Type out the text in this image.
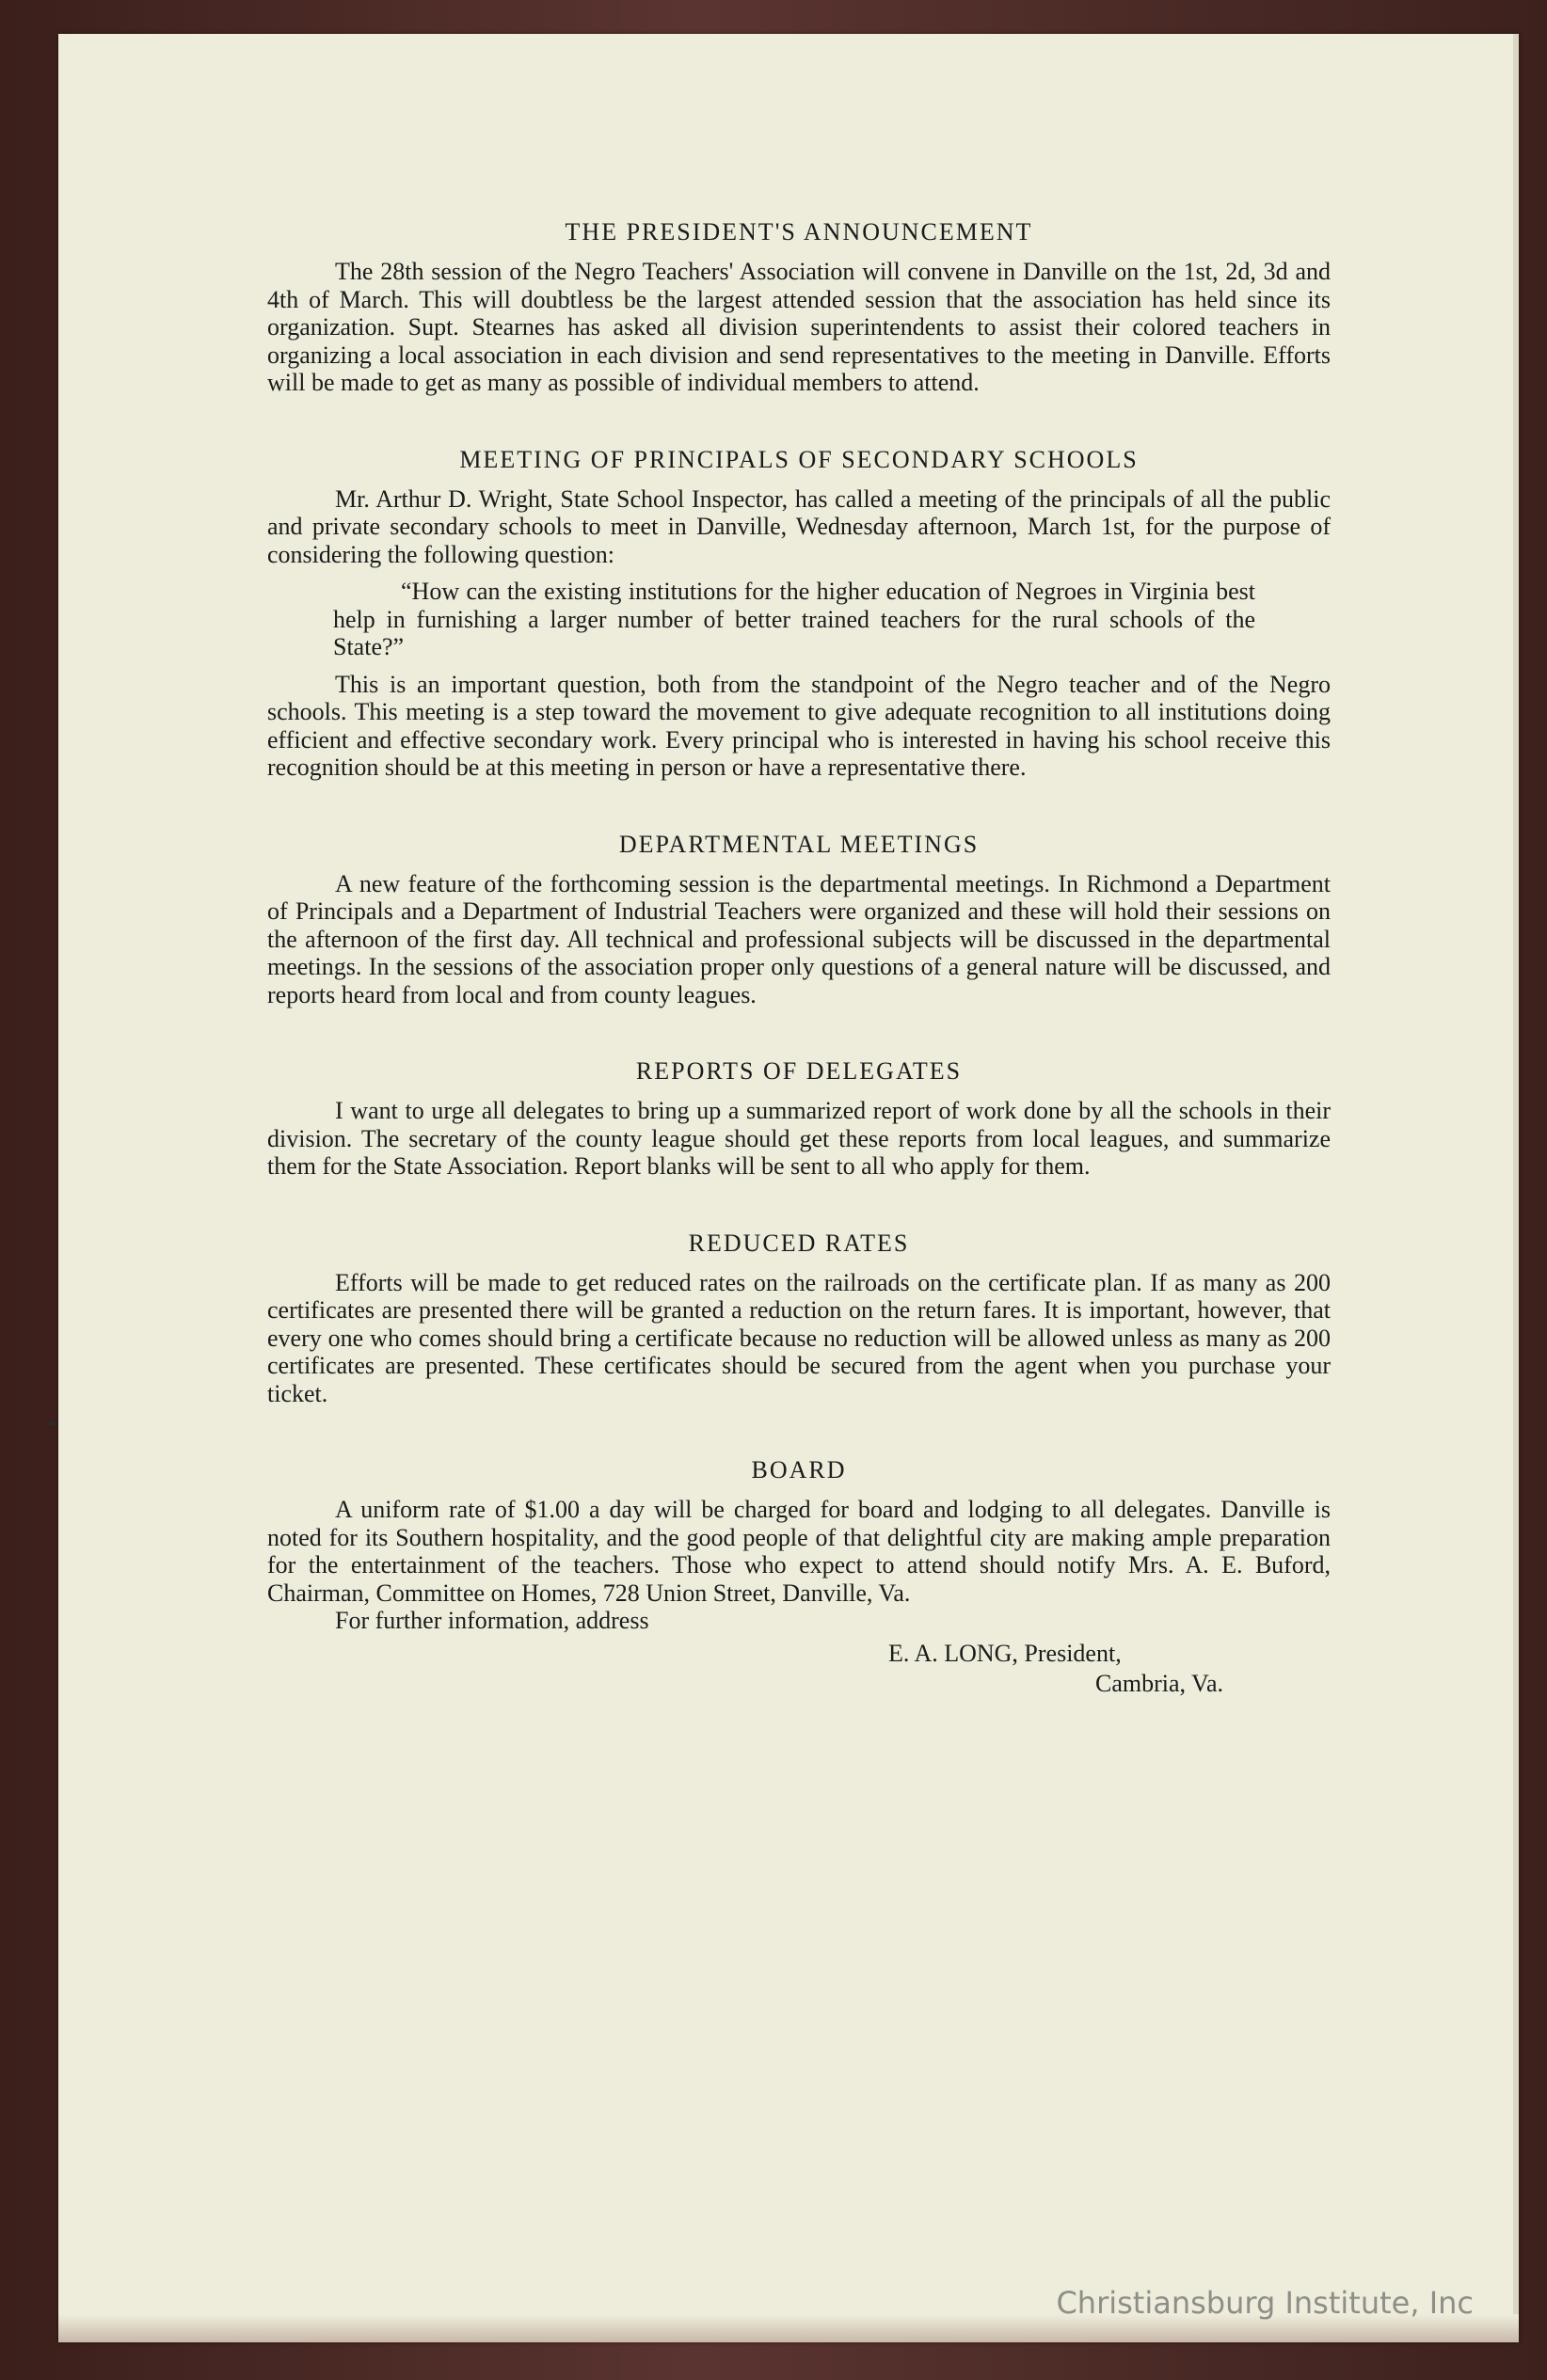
THE PRESIDENT'S ANNOUNCEMENT

The 28th session of the Negro Teachers' Association will convene in Danville on the 1st, 2d, 3d and 4th of March. This will doubtless be the largest attended session that the association has held since its organization. Supt. Stearnes has asked all division superintendents to assist their colored teachers in organizing a local association in each division and send representatives to the meeting in Danville. Efforts will be made to get as many as possible of individual members to attend.

MEETING OF PRINCIPALS OF SECONDARY SCHOOLS

Mr. Arthur D. Wright, State School Inspector, has called a meeting of the principals of all the public and private secondary schools to meet in Danville, Wednesday afternoon, March 1st, for the purpose of considering the following question:

“How can the existing institutions for the higher education of Negroes in Virginia best help in furnishing a larger number of better trained teachers for the rural schools of the State?”

This is an important question, both from the standpoint of the Negro teacher and of the Negro schools. This meeting is a step toward the movement to give adequate recognition to all institutions doing efficient and effective secondary work. Every principal who is interested in having his school receive this recognition should be at this meeting in person or have a representative there.

DEPARTMENTAL MEETINGS

A new feature of the forthcoming session is the departmental meetings. In Richmond a Department of Principals and a Department of Industrial Teachers were organized and these will hold their sessions on the afternoon of the first day. All technical and professional subjects will be discussed in the departmental meetings. In the sessions of the association proper only questions of a general nature will be discussed, and reports heard from local and from county leagues.

REPORTS OF DELEGATES

I want to urge all delegates to bring up a summarized report of work done by all the schools in their division. The secretary of the county league should get these reports from local leagues, and summarize them for the State Association. Report blanks will be sent to all who apply for them.

REDUCED RATES

Efforts will be made to get reduced rates on the railroads on the certificate plan. If as many as 200 certificates are presented there will be granted a reduction on the return fares. It is important, however, that every one who comes should bring a certificate because no reduction will be allowed unless as many as 200 certificates are presented. These certificates should be secured from the agent when you purchase your ticket.

BOARD

A uniform rate of $1.00 a day will be charged for board and lodging to all delegates. Danville is noted for its Southern hospitality, and the good people of that delightful city are making ample preparation for the entertainment of the teachers. Those who expect to attend should notify Mrs. A. E. Buford, Chairman, Committee on Homes, 728 Union Street, Danville, Va.

For further information, address

E. A. LONG, President,

Cambria, Va.

Christiansburg Institute, Inc
